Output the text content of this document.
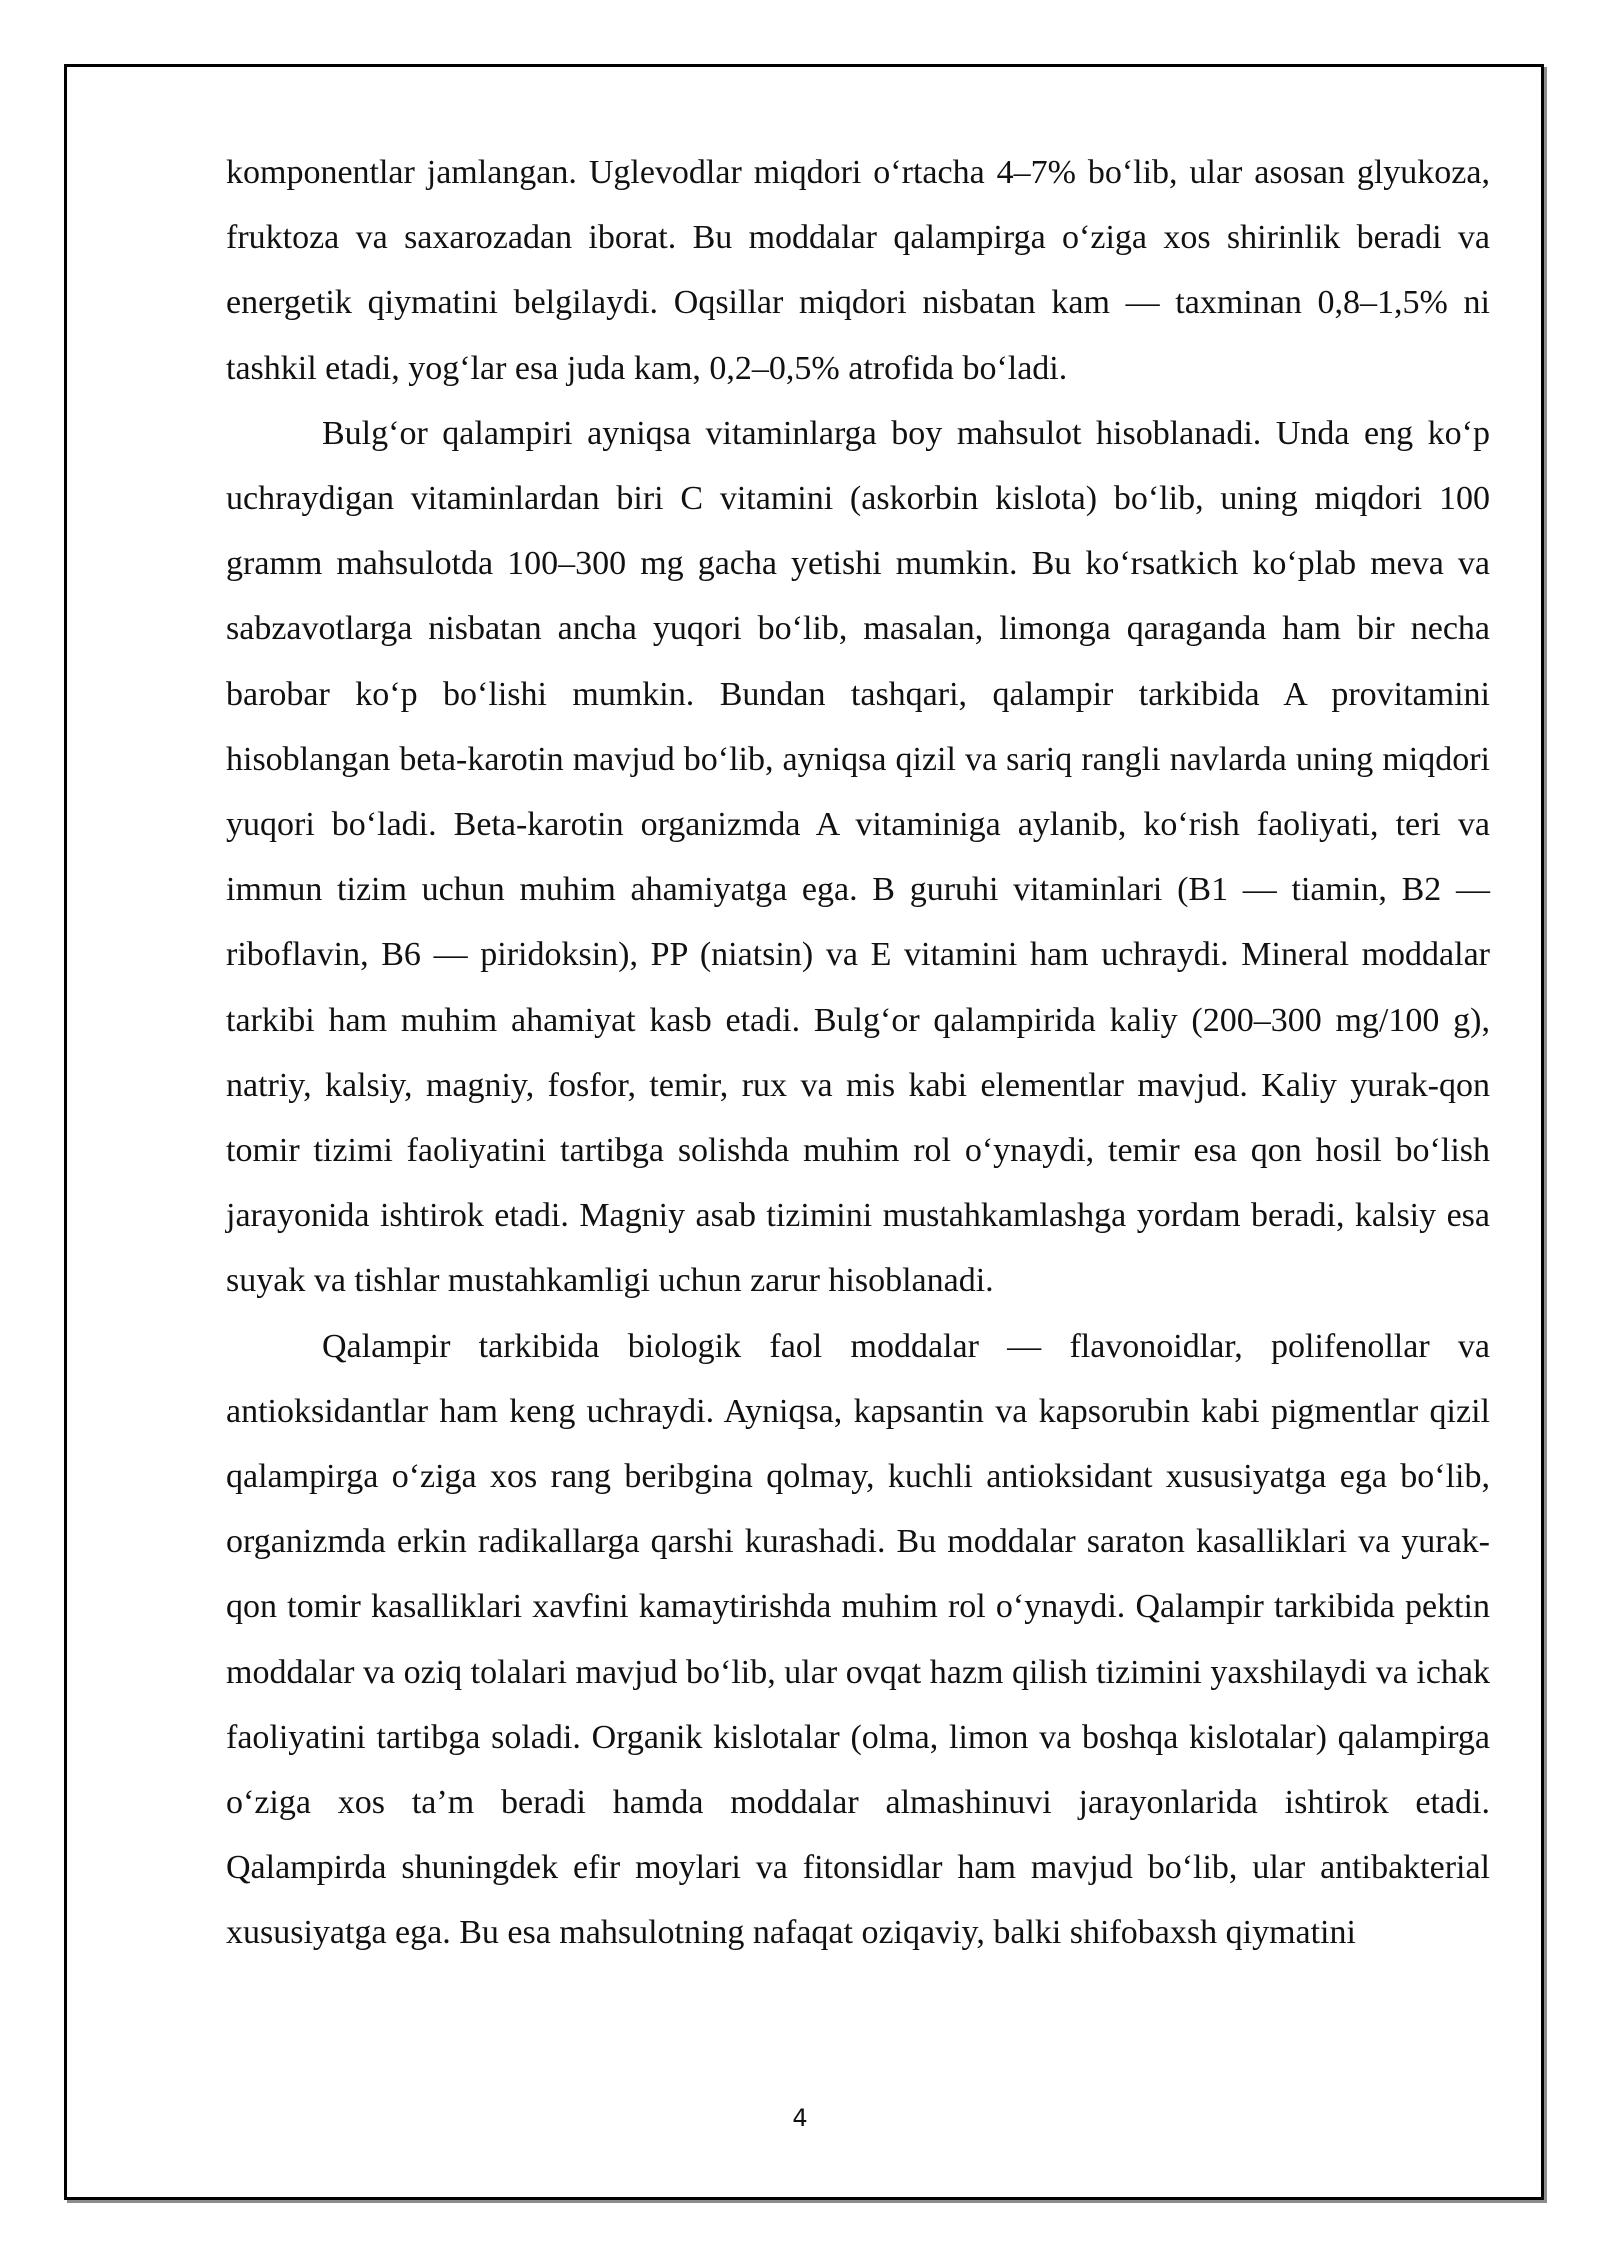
komponentlar jamlangan. Uglevodlar miqdori o‘rtacha 4–7% bo‘lib, ular asosan glyukoza, fruktoza va saxarozadan iborat. Bu moddalar qalampirga o‘ziga xos shirinlik beradi va energetik qiymatini belgilaydi. Oqsillar miqdori nisbatan kam — taxminan 0,8–1,5% ni tashkil etadi, yog‘lar esa juda kam, 0,2–0,5% atrofida bo‘ladi.

Bulg‘or qalampiri ayniqsa vitaminlarga boy mahsulot hisoblanadi. Unda eng ko‘p uchraydigan vitaminlardan biri C vitamini (askorbin kislota) bo‘lib, uning miqdori 100 gramm mahsulotda 100–300 mg gacha yetishi mumkin. Bu ko‘rsatkich ko‘plab meva va sabzavotlarga nisbatan ancha yuqori bo‘lib, masalan, limonga qaraganda ham bir necha barobar ko‘p bo‘lishi mumkin. Bundan tashqari, qalampir tarkibida A provitamini hisoblangan beta-karotin mavjud bo‘lib, ayniqsa qizil va sariq rangli navlarda uning miqdori yuqori bo‘ladi. Beta-karotin organizmda A vitaminiga aylanib, ko‘rish faoliyati, teri va immun tizim uchun muhim ahamiyatga ega. B guruhi vitaminlari (B1 — tiamin, B2 — riboflavin, B6 — piridoksin), PP (niatsin) va E vitamini ham uchraydi. Mineral moddalar tarkibi ham muhim ahamiyat kasb etadi. Bulg‘or qalampirida kaliy (200–300 mg/100 g), natriy, kalsiy, magniy, fosfor, temir, rux va mis kabi elementlar mavjud. Kaliy yurak-qon tomir tizimi faoliyatini tartibga solishda muhim rol o‘ynaydi, temir esa qon hosil bo‘lish jarayonida ishtirok etadi. Magniy asab tizimini mustahkamlashga yordam beradi, kalsiy esa suyak va tishlar mustahkamligi uchun zarur hisoblanadi.

Qalampir tarkibida biologik faol moddalar — flavonoidlar, polifenollar va antioksidantlar ham keng uchraydi. Ayniqsa, kapsantin va kapsorubin kabi pigmentlar qizil qalampirga o‘ziga xos rang beribgina qolmay, kuchli antioksidant xususiyatga ega bo‘lib, organizmda erkin radikallarga qarshi kurashadi. Bu moddalar saraton kasalliklari va yurak-qon tomir kasalliklari xavfini kamaytirishda muhim rol o‘ynaydi. Qalampir tarkibida pektin moddalar va oziq tolalari mavjud bo‘lib, ular ovqat hazm qilish tizimini yaxshilaydi va ichak faoliyatini tartibga soladi. Organik kislotalar (olma, limon va boshqa kislotalar) qalampirga o‘ziga xos ta’m beradi hamda moddalar almashinuvi jarayonlarida ishtirok etadi. Qalampirda shuningdek efir moylari va fitonsidlar ham mavjud bo‘lib, ular antibakterial xususiyatga ega. Bu esa mahsulotning nafaqat oziqaviy, balki shifobaxsh qiymatini

4
